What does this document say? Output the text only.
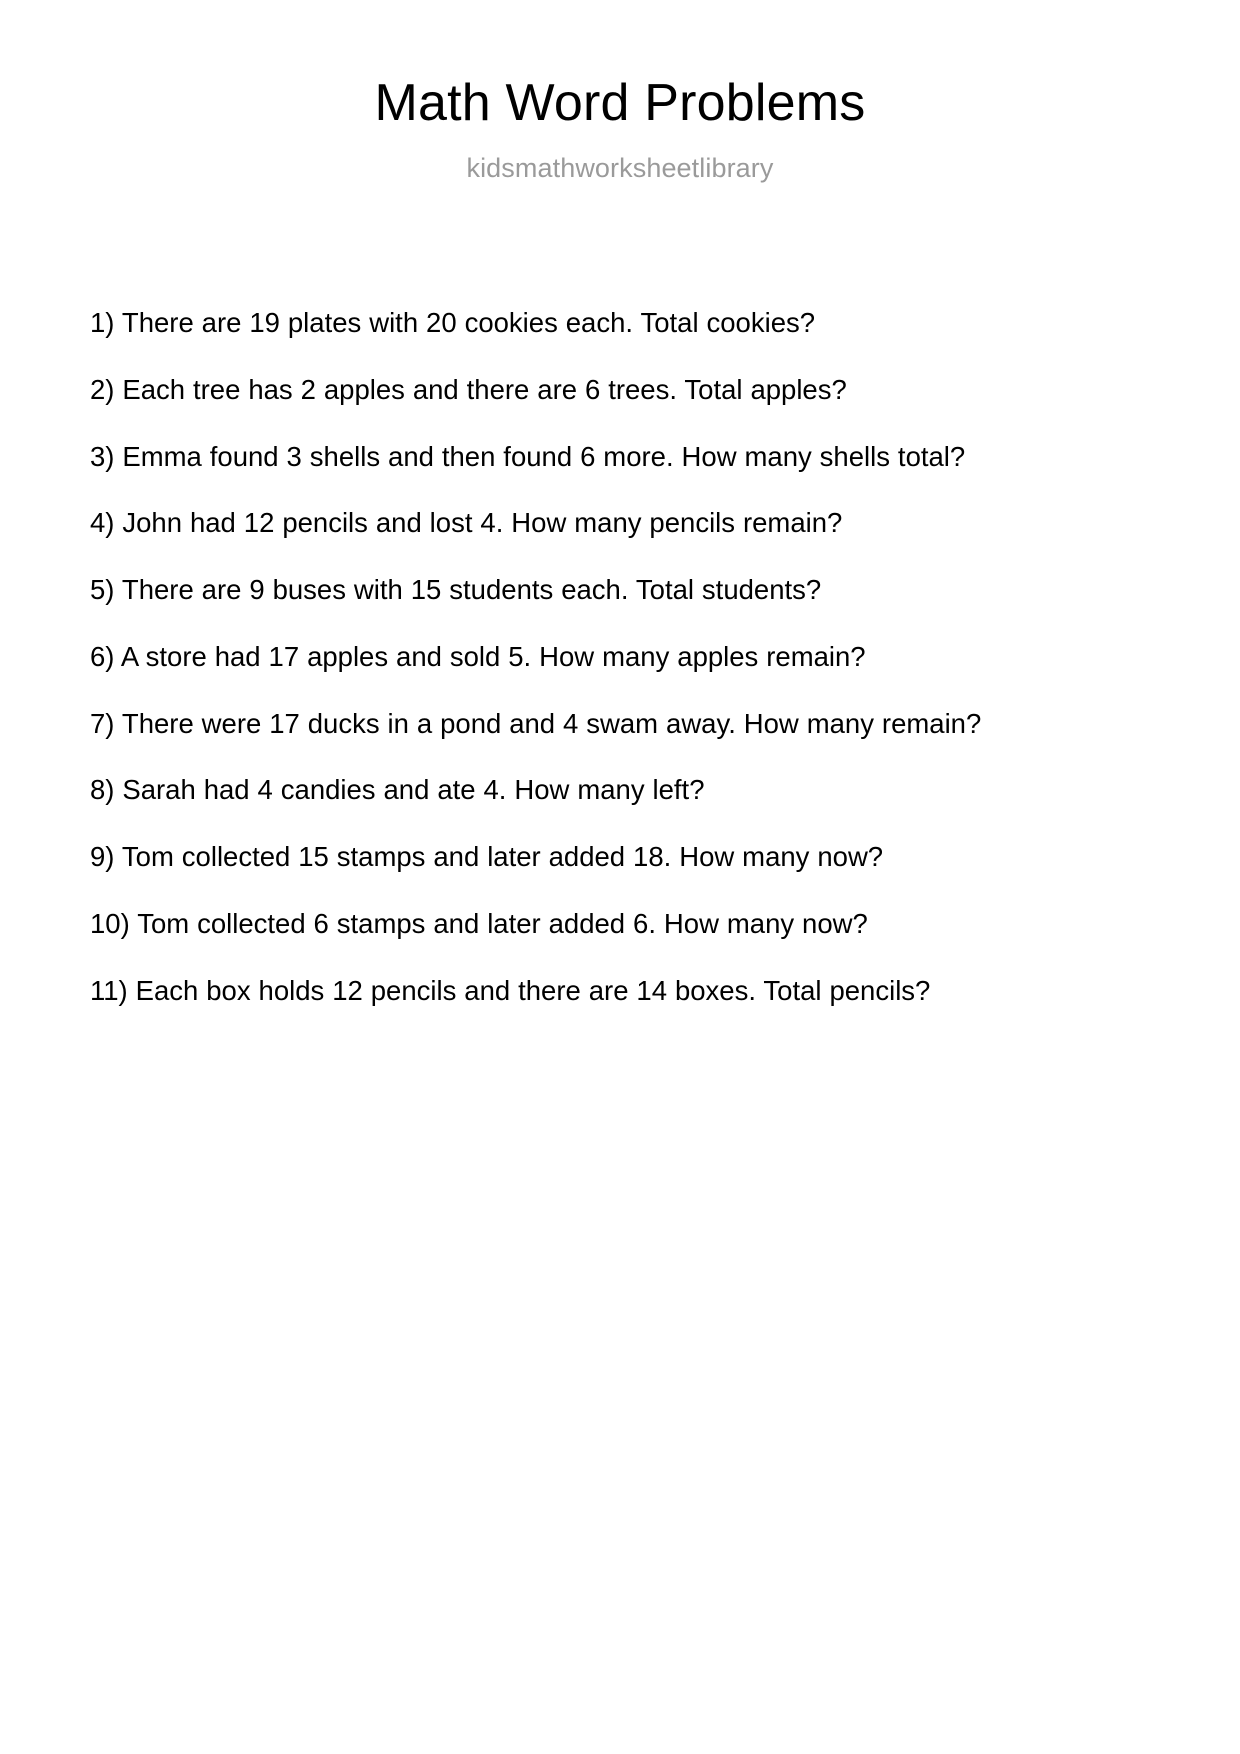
Math Word Problems

kidsmathworksheetlibrary

1) There are 19 plates with 20 cookies each. Total cookies?
2) Each tree has 2 apples and there are 6 trees. Total apples?
3) Emma found 3 shells and then found 6 more. How many shells total?
4) John had 12 pencils and lost 4. How many pencils remain?
5) There are 9 buses with 15 students each. Total students?
6) A store had 17 apples and sold 5. How many apples remain?
7) There were 17 ducks in a pond and 4 swam away. How many remain?
8) Sarah had 4 candies and ate 4. How many left?
9) Tom collected 15 stamps and later added 18. How many now?
10) Tom collected 6 stamps and later added 6. How many now?
11) Each box holds 12 pencils and there are 14 boxes. Total pencils?
